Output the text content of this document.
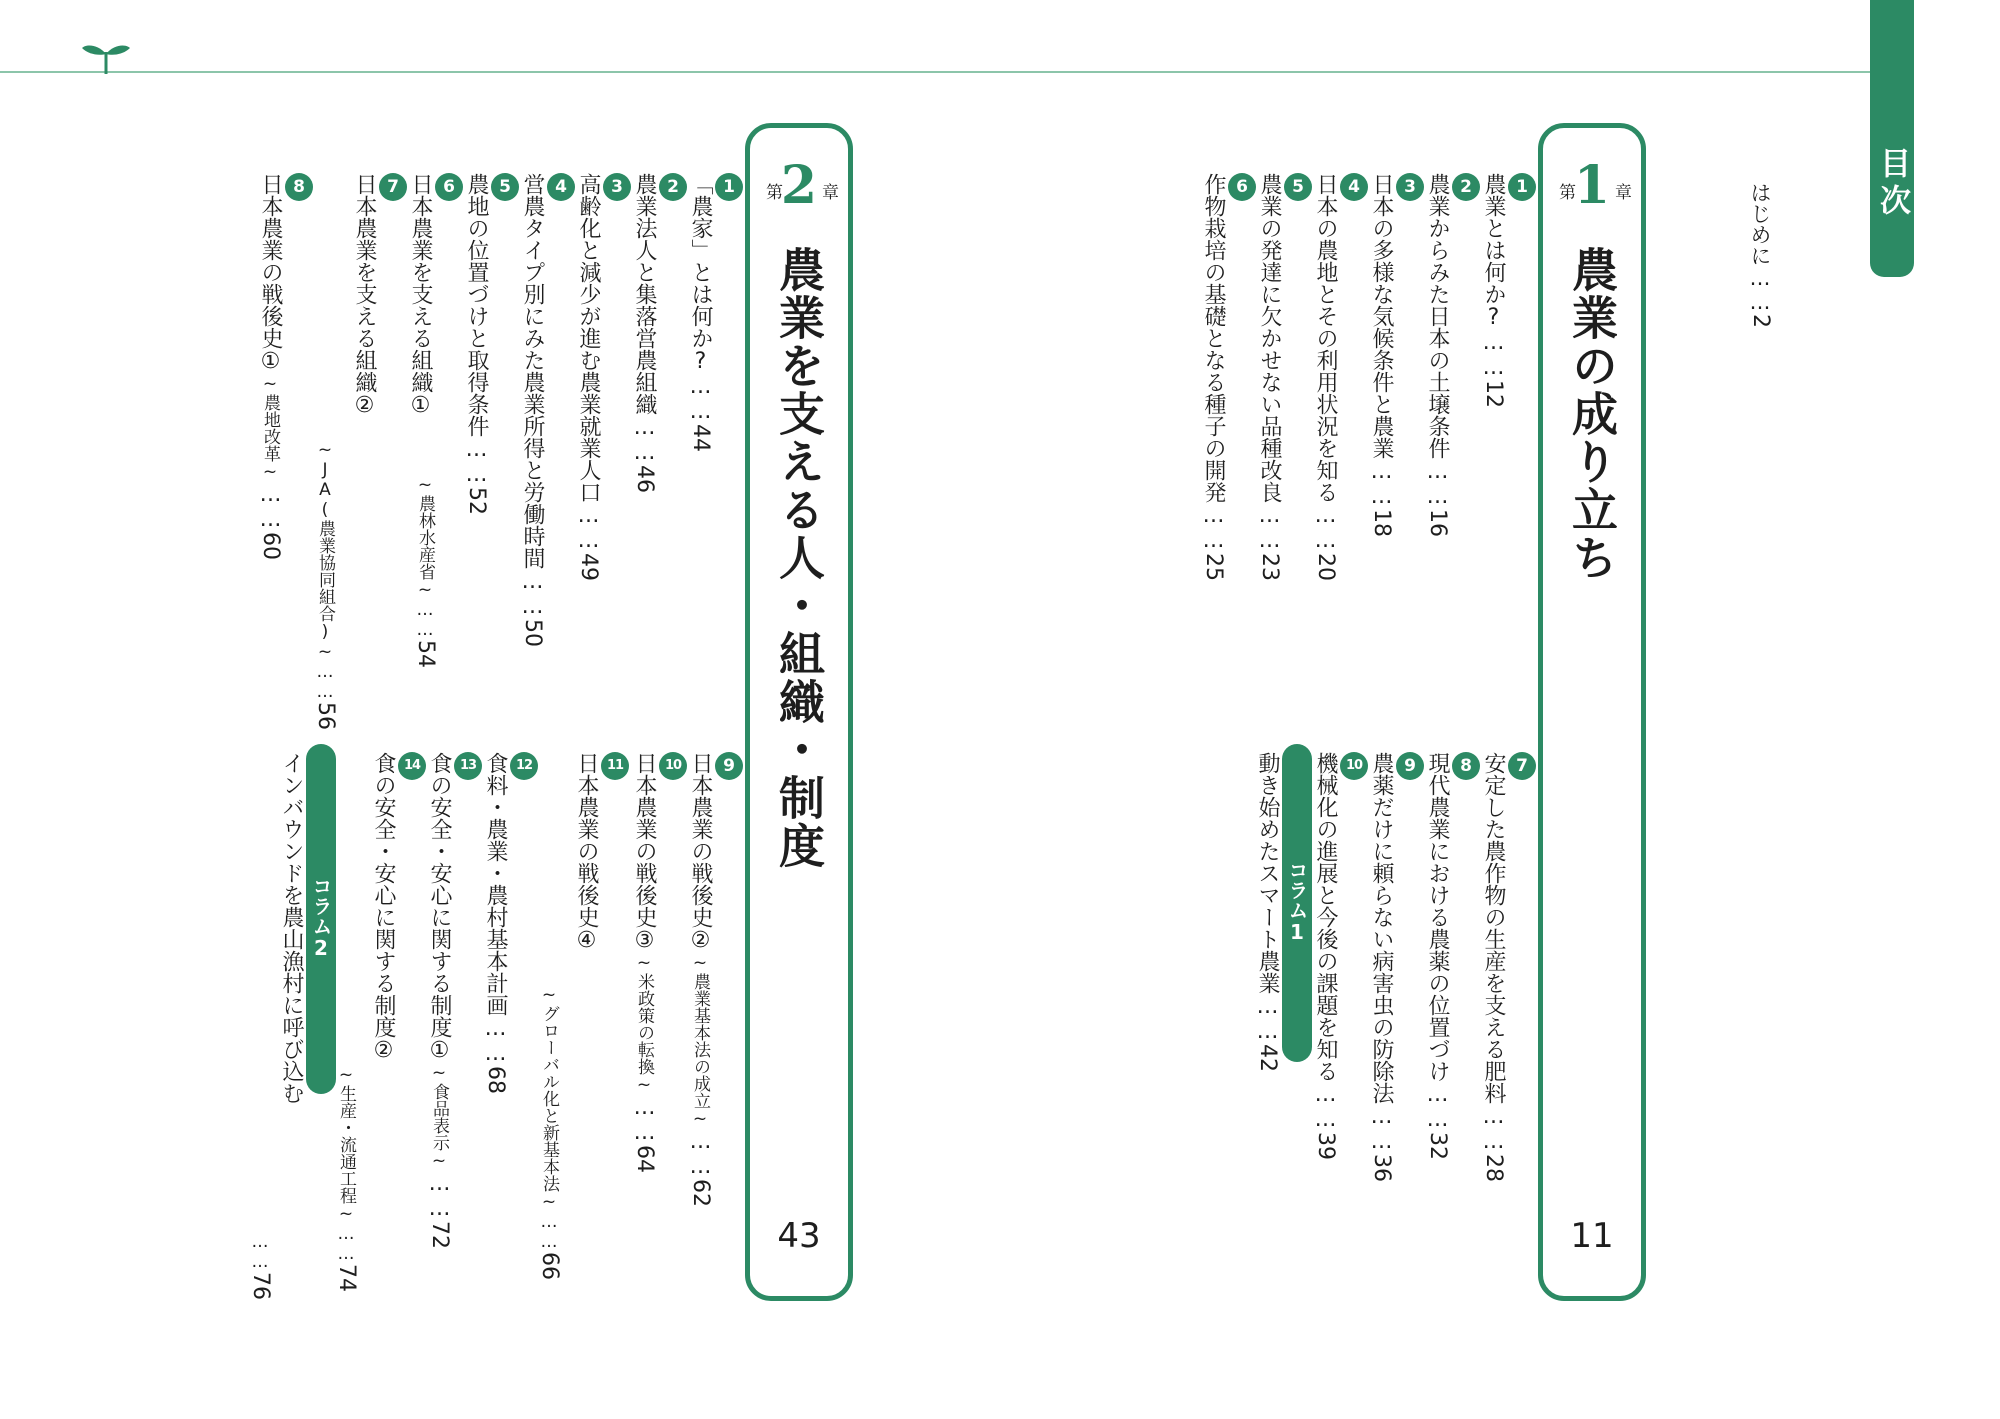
目次
はじめに……2
第
1 章
農業の成り立ち
11
1
農業とは何か?……12
2
農業からみた日本の土壌条件……16
3
日本の多様な気候条件と農業……18
4
日本の農地とその利用状況を知る……20
5
農業の発達に欠かせない品種改良……23
6
作物栽培の基礎となる種子の開発……25
7
安定した農作物の生産を支える肥料……28
8
現代農業における農薬の位置づけ……32
9
農薬だけに頼らない病害虫の防除法……36
10
機械化の進展と今後の課題を知る……39
コラム1
動き始めたスマート農業……42
第
2 章
農業を支える人・組織・制度
43
1
「農家」とは何か?……44
2
農業法人と集落営農組織……46
3
高齢化と減少が進む農業就業人口……49
4
営農タイプ別にみた農業所得と労働時間……50
5
農地の位置づけと取得条件……52
6
日本農業を支える組織①
~農林水産省~……54
7
日本農業を支える組織②
~JA(農業協同組合)~……56
8
日本農業の戦後史①~農地改革~……60
9
日本農業の戦後史②~農業基本法の成立~……62
10
日本農業の戦後史③~米政策の転換~……64
11
日本農業の戦後史④
~グローバル化と新基本法~……66
12
食料・農業・農村基本計画……68
13
食の安全・安心に関する制度①~食品表示~……72
14
食の安全・安心に関する制度②
~生産・流通工程~……74
コラム2
インバウンドを農山漁村に呼び込む
……76
